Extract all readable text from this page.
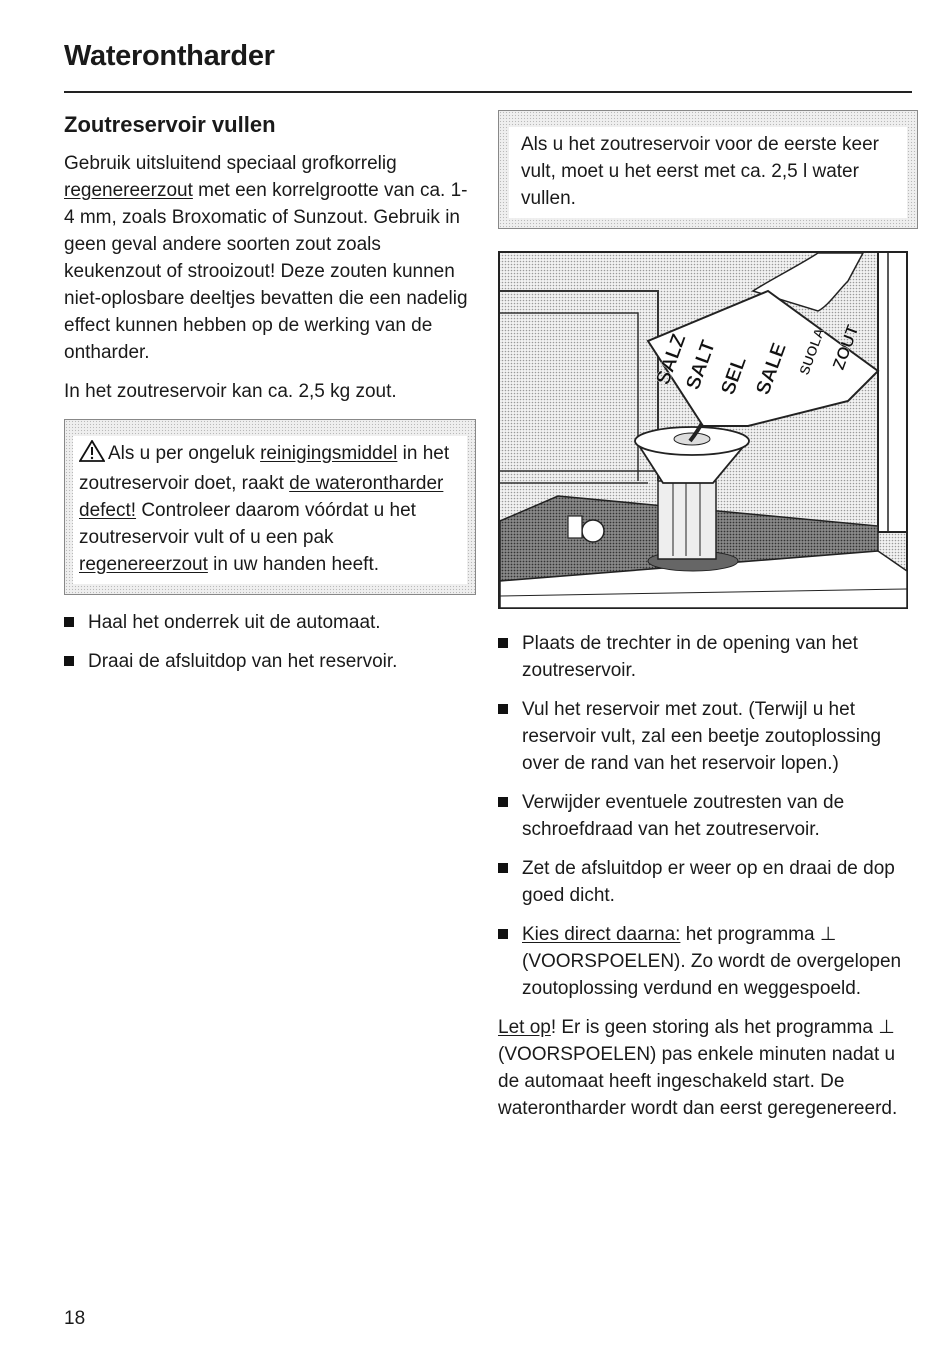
Waterontharder
Zoutreservoir vullen

Gebruik uitsluitend speciaal grofkorrelig regenereerzout met een korrelgrootte van ca. 1-4 mm, zoals Broxomatic of Sunzout. Gebruik in geen geval andere soorten zout zoals keukenzout of strooizout! Deze zouten kunnen niet-oplosbare deeltjes bevatten die een nadelig effect kunnen hebben op de werking van de ontharder.

In het zoutreservoir kan ca. 2,5 kg zout.

Als u per ongeluk reinigingsmiddel in het zoutreservoir doet, raakt de waterontharder defect! Controleer daarom vóórdat u het zoutreservoir vult of u een pak regenereerzout in uw handen heeft.

Haal het onderrek uit de automaat.
Draai de afsluitdop van het reservoir.

Als u het zoutreservoir voor de eerste keer vult, moet u het eerst met ca. 2,5 l water vullen.

SALZ
SALT
SEL SALE SUOLA ZOUT
Plaats de trechter in de opening van het zoutreservoir.
Vul het reservoir met zout. (Terwijl u het reservoir vult, zal een beetje zoutoplossing over de rand van het reservoir lopen.)
Verwijder eventuele zoutresten van de schroefdraad van het zoutreservoir.
Zet de afsluitdop er weer op en draai de dop goed dicht.
Kies direct daarna: het programma ⊥ (VOORSPOELEN). Zo wordt de overgelopen zoutoplossing verdund en weggespoeld.

Let op! Er is geen storing als het programma ⊥ (VOORSPOELEN) pas enkele minuten nadat u de automaat heeft ingeschakeld start. De waterontharder wordt dan eerst geregenereerd.

18
